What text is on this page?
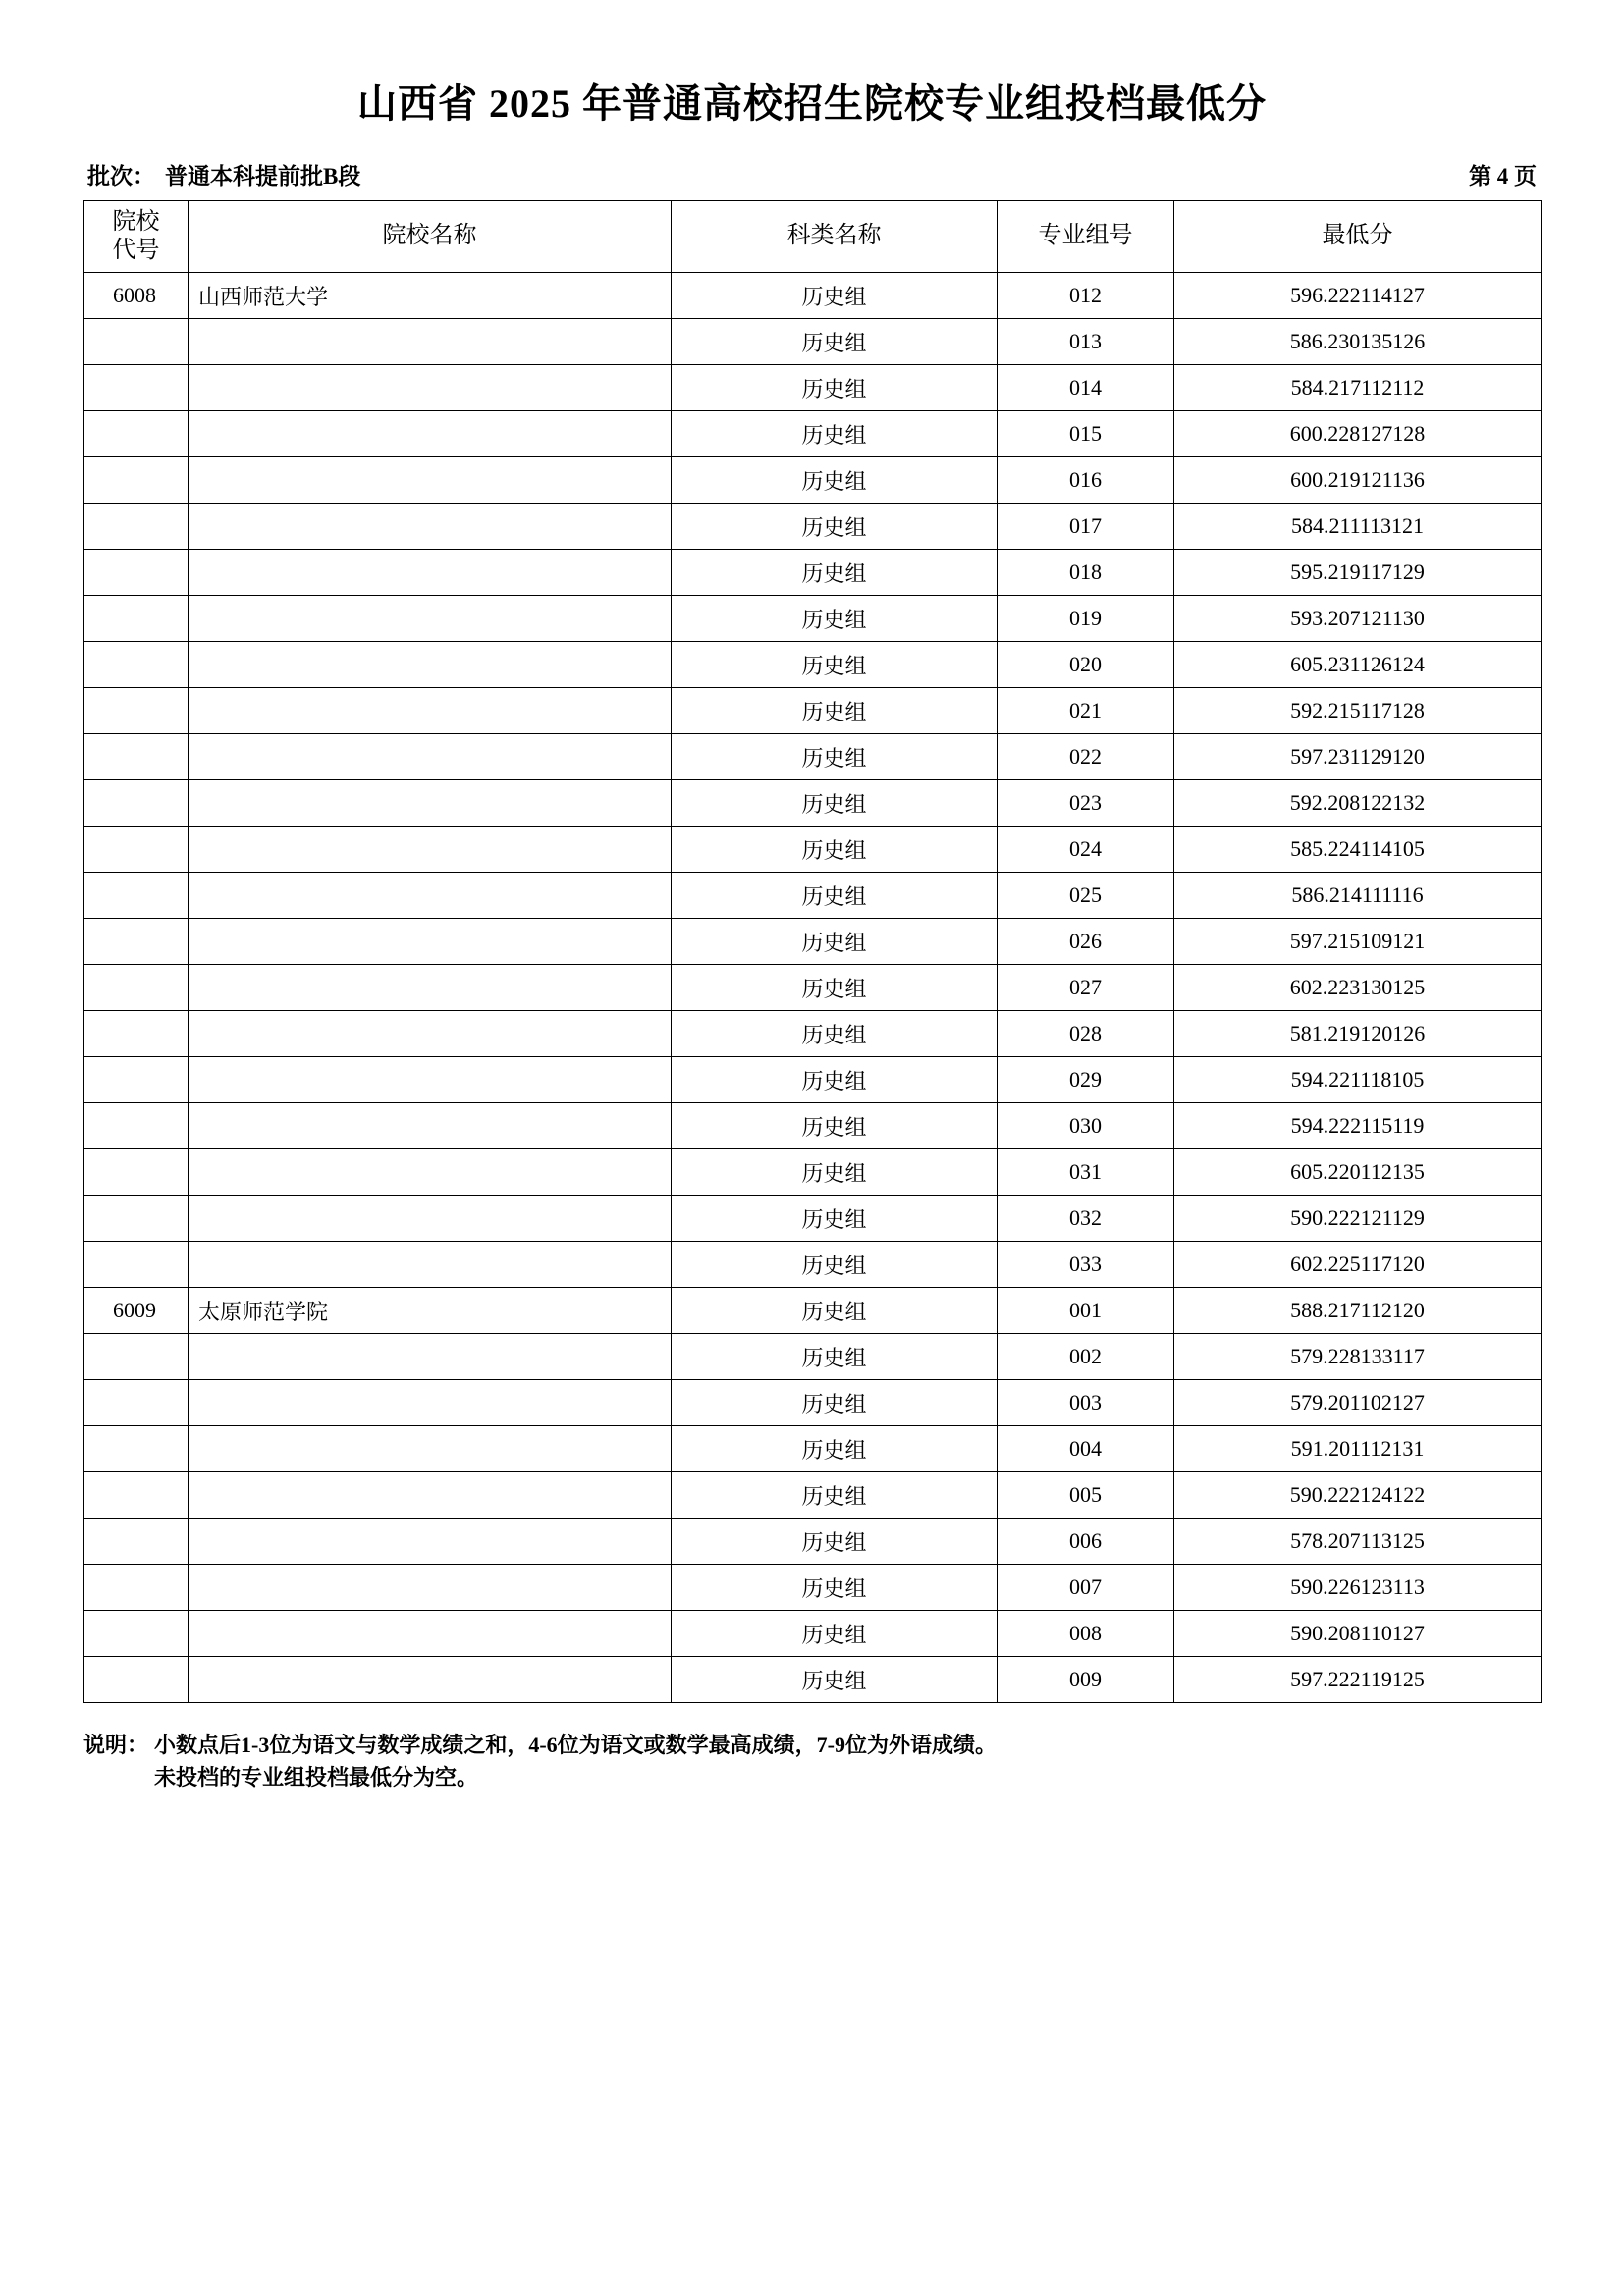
山西省 2025 年普通高校招生院校专业组投档最低分
批次： 普通本科提前批B段	第 4 页
院校
代号	院校名称	科类名称	专业组号	最低分
6008	山西师范大学	历史组	012	596.222114127
		历史组	013	586.230135126
		历史组	014	584.217112112
		历史组	015	600.228127128
		历史组	016	600.219121136
		历史组	017	584.211113121
		历史组	018	595.219117129
		历史组	019	593.207121130
		历史组	020	605.231126124
		历史组	021	592.215117128
		历史组	022	597.231129120
		历史组	023	592.208122132
		历史组	024	585.224114105
		历史组	025	586.214111116
		历史组	026	597.215109121
		历史组	027	602.223130125
		历史组	028	581.219120126
		历史组	029	594.221118105
		历史组	030	594.222115119
		历史组	031	605.220112135
		历史组	032	590.222121129
		历史组	033	602.225117120
6009	太原师范学院	历史组	001	588.217112120
		历史组	002	579.228133117
		历史组	003	579.201102127
		历史组	004	591.201112131
		历史组	005	590.222124122
		历史组	006	578.207113125
		历史组	007	590.226123113
		历史组	008	590.208110127
		历史组	009	597.222119125
说明： 小数点后1-3位为语文与数学成绩之和，4-6位为语文或数学最高成绩，7-9位为外语成绩。
未投档的专业组投档最低分为空。
